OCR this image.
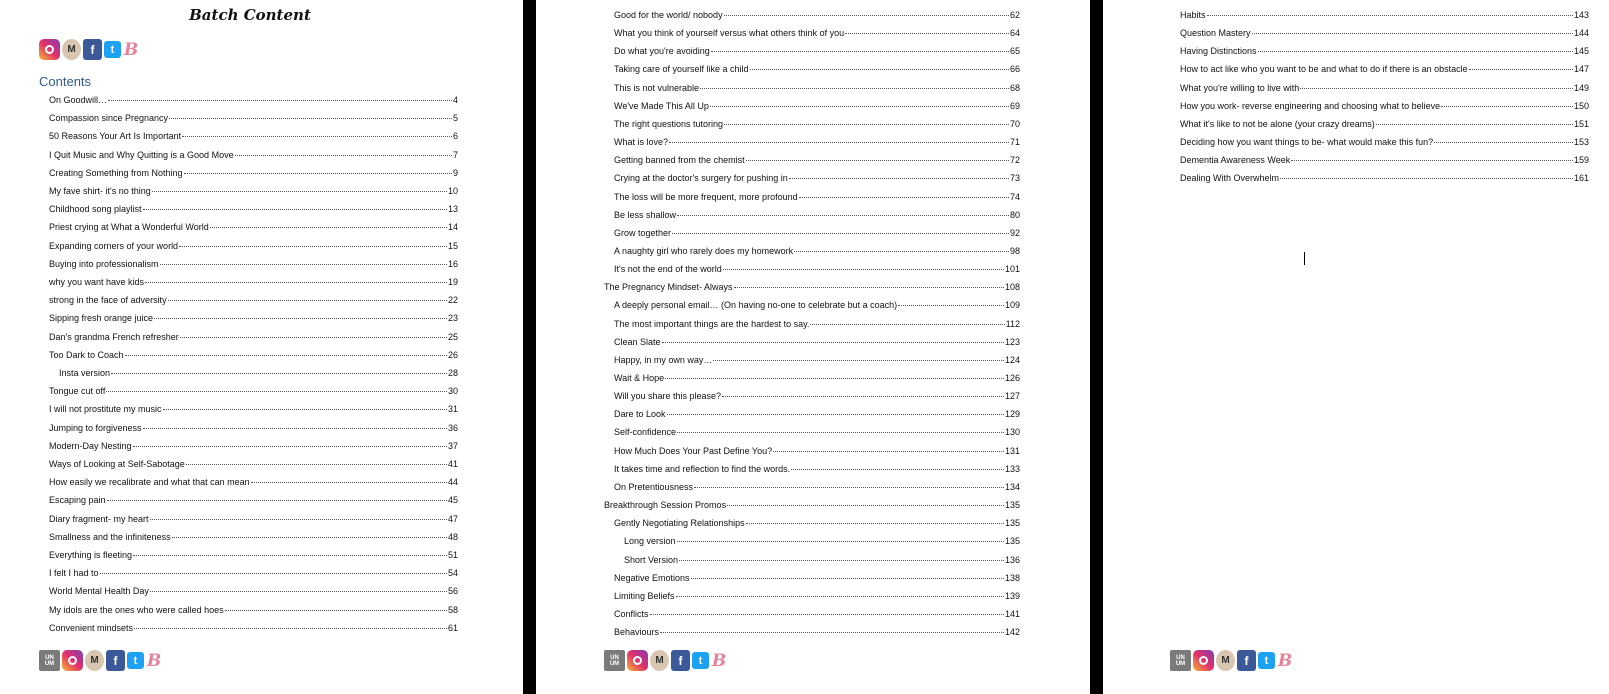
Batch Content
M	f	t B
Contents
On Goodwill…	4
Compassion since Pregnancy	5
50 Reasons Your Art Is Important	6
I Quit Music and Why Quitting is a Good Move	7
Creating Something from Nothing	9
My fave shirt- it's no thing	10
Childhood song playlist	13
Priest crying at What a Wonderful World	14
Expanding corners of your world	15
Buying into professionalism	16
why you want have kids	19
strong in the face of adversity	22
Sipping fresh orange juice	23
Dan's grandma French refresher	25
Too Dark to Coach	26
Insta version	28
Tongue cut off	30
I will not prostitute my music	31
Jumping to forgiveness	36
Modern-Day Nesting	37
Ways of Looking at Self-Sabotage	41
How easily we recalibrate and what that can mean	44
Escaping pain	45
Diary fragment- my heart	47
Smallness and the infiniteness	48
Everything is fleeting	51
I felt I had to	54
World Mental Health Day	56
My idols are the ones who were called hoes	58
Convenient mindsets	61
UN
UM	M	f	t B
Good for the world/ nobody	62
What you think of yourself versus what others think of you	64
Do what you're avoiding	65
Taking care of yourself like a child	66
This is not vulnerable	68
We've Made This All Up	69
The right questions tutoring	70
What is love?	71
Getting banned from the chemist	72
Crying at the doctor's surgery for pushing in	73
The loss will be more frequent, more profound	74
Be less shallow	80
Grow together	92
A naughty girl who rarely does my homework	98
It's not the end of the world	101
The Pregnancy Mindset- Always	108
A deeply personal email… (On having no-one to celebrate but a coach)	109
The most important things are the hardest to say.	112
Clean Slate	123
Happy, in my own way…	124
Wait & Hope	126
Will you share this please?	127
Dare to Look	129
Self-confidence	130
How Much Does Your Past Define You?	131
It takes time and reflection to find the words.	133
On Pretentiousness	134
Breakthrough Session Promos	135
Gently Negotiating Relationships	135
Long version	135
Short Version	136
Negative Emotions	138
Limiting Beliefs	139
Conflicts	141
Behaviours	142
UN
UM	M	f	t B
Habits	143
Question Mastery	144
Having Distinctions	145
How to act like who you want to be and what to do if there is an obstacle	147
What you're willing to live with	149
How you work- reverse engineering and choosing what to believe	150
What it's like to not be alone (your crazy dreams)	151
Deciding how you want things to be- what would make this fun?	153
Dementia Awareness Week	159
Dealing With Overwhelm	161
UN
UM	M	f	t B
